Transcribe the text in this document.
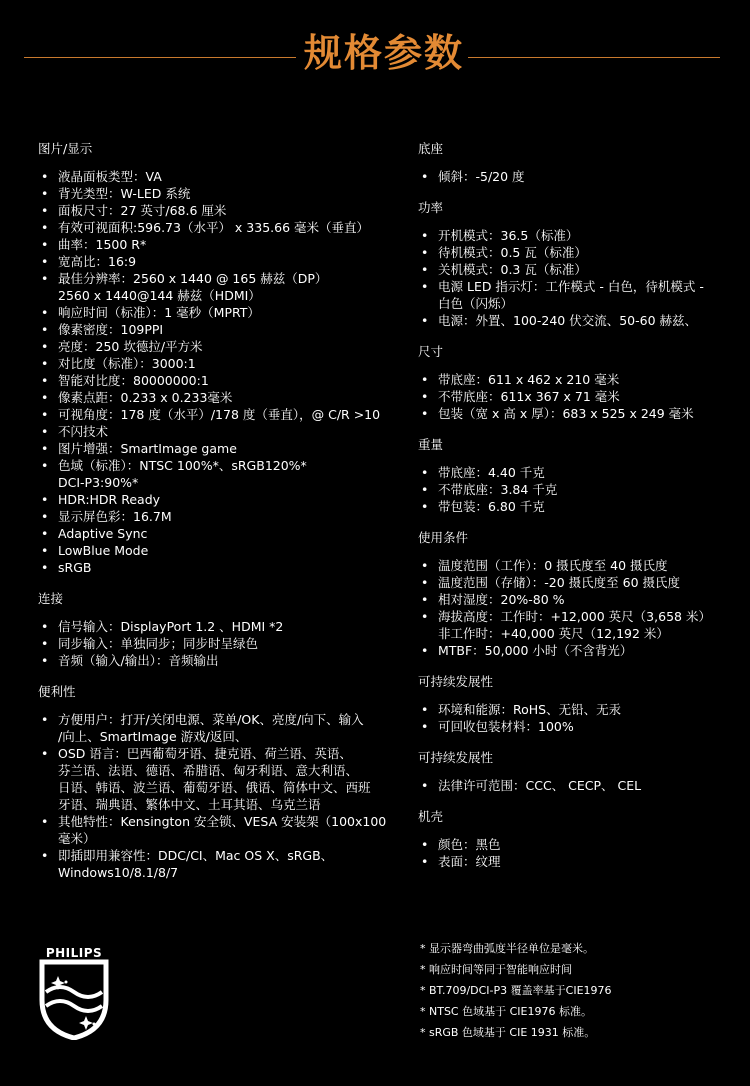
规格参数
图片/显示
• 液晶面板类型：VA
• 背光类型：W-LED 系统
• 面板尺寸：27 英寸/68.6 厘米
• 有效可视面积:596.73（水平） x 335.66 毫米（垂直）
• 曲率：1500 R*
• 宽高比：16:9
• 最佳分辨率：2560 x 1440 @ 165 赫兹（DP）
2560 x 1440@144 赫兹（HDMI）
• 响应时间（标准）：1 毫秒（MPRT）
• 像素密度：109PPI
• 亮度：250 坎德拉/平方米
• 对比度（标准）：3000:1
• 智能对比度：80000000:1
• 像素点距：0.233 x 0.233毫米
• 可视角度：178 度（水平）/178 度（垂直），@ C/R >10
• 不闪技术
• 图片增强：SmartImage game
• 色域（标准）：NTSC 100%*、sRGB120%*
DCI-P3:90%*
• HDR:HDR Ready
• 显示屏色彩：16.7M
• Adaptive Sync
• LowBlue Mode
• sRGB
连接
• 信号输入：DisplayPort 1.2 、HDMI *2
• 同步输入：单独同步；同步时呈绿色
• 音频（输入/输出）：音频输出
便利性
• 方便用户：打开/关闭电源、菜单/OK、亮度/向下、输入
/向上、SmartImage 游戏/返回、
• OSD 语言：巴西葡萄牙语、捷克语、荷兰语、英语、
芬兰语、法语、德语、希腊语、匈牙利语、意大利语、
日语、韩语、波兰语、葡萄牙语、俄语、简体中文、西班
牙语、瑞典语、繁体中文、土耳其语、乌克兰语
• 其他特性：Kensington 安全锁、VESA 安装架（100x100
毫米）
• 即插即用兼容性：DDC/CI、Mac OS X、sRGB、
Windows10/8.1/8/7
底座
• 倾斜：-5/20 度
功率
• 开机模式：36.5（标准）
• 待机模式：0.5 瓦（标准）
• 关机模式：0.3 瓦（标准）
• 电源 LED 指示灯：工作模式 - 白色，待机模式 -
白色（闪烁）
• 电源：外置、100-240 伏交流、50-60 赫兹、
尺寸
• 带底座：611 x 462 x 210 毫米
• 不带底座：611x 367 x 71 毫米
• 包装（宽 x 高 x 厚）：683 x 525 x 249 毫米
重量
• 带底座：4.40 千克
• 不带底座：3.84 千克
• 带包装：6.80 千克
使用条件
• 温度范围（工作）：0 摄氏度至 40 摄氏度
• 温度范围（存储）：-20 摄氏度至 60 摄氏度
• 相对湿度：20%-80 %
• 海拔高度：工作时：+12,000 英尺（3,658 米）
非工作时：+40,000 英尺（12,192 米）
• MTBF：50,000 小时（不含背光）
可持续发展性
• 环境和能源：RoHS、无铅、无汞
• 可回收包装材料：100%
可持续发展性
• 法律许可范围：CCC、 CECP、 CEL
机壳
• 颜色：黑色
• 表面：纹理
PHILIPS	* 显示器弯曲弧度半径单位是毫米。
* 响应时间等同于智能响应时间
* BT.709/DCI-P3 覆盖率基于CIE1976
* NTSC 色域基于 CIE1976 标准。
* sRGB 色域基于 CIE 1931 标准。
